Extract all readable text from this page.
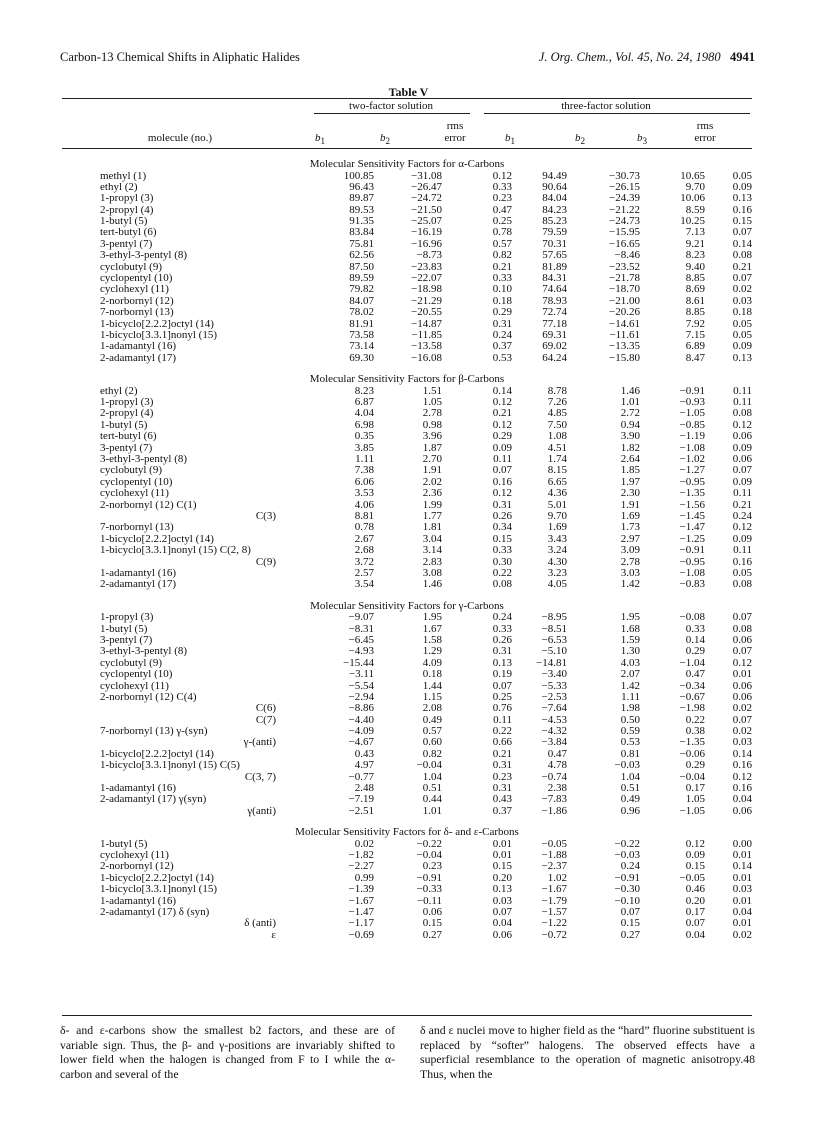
Carbon-13 Chemical Shifts in Aliphatic Halides	J. Org. Chem., Vol. 45, No. 24, 1980 4941
Table V
two-factor solution	three-factor solution
molecule (no.)	$b_1$	$b_2$
rms
error	$b_1$	$b_2$	$b_3$
rms
error
Molecular Sensitivity Factors for α-Carbons
methyl (1)	100.85	−31.08	0.12	94.49	−30.73	10.65	0.05
ethyl (2)	96.43	−26.47	0.33	90.64	−26.15	9.70	0.09
1-propyl (3)	89.87	−24.72	0.23	84.04	−24.39	10.06	0.13
2-propyl (4)	89.53	−21.50	0.47	84.23	−21.22	8.59	0.16
1-butyl (5)	91.35	−25.07	0.25	85.23	−24.73	10.25	0.15
tert-butyl (6)	83.84	−16.19	0.78	79.59	−15.95	7.13	0.07
3-pentyl (7)	75.81	−16.96	0.57	70.31	−16.65	9.21	0.14
3-ethyl-3-pentyl (8)	62.56	−8.73	0.82	57.65	−8.46	8.23	0.08
cyclobutyl (9)	87.50	−23.83	0.21	81.89	−23.52	9.40	0.21
cyclopentyl (10)	89.59	−22.07	0.33	84.31	−21.78	8.85	0.07
cyclohexyl (11)	79.82	−18.98	0.10	74.64	−18.70	8.69	0.02
2-norbornyl (12)	84.07	−21.29	0.18	78.93	−21.00	8.61	0.03
7-norbornyl (13)	78.02	−20.55	0.29	72.74	−20.26	8.85	0.18
1-bicyclo[2.2.2]octyl (14)	81.91	−14.87	0.31	77.18	−14.61	7.92	0.05
1-bicyclo[3.3.1]nonyl (15)	73.58	−11.85	0.24	69.31	−11.61	7.15	0.05
1-adamantyl (16)	73.14	−13.58	0.37	69.02	−13.35	6.89	0.09
2-adamantyl (17)	69.30	−16.08	0.53	64.24	−15.80	8.47	0.13
Molecular Sensitivity Factors for β-Carbons
ethyl (2)	8.23	1.51	0.14	8.78	1.46	−0.91	0.11
1-propyl (3)	6.87	1.05	0.12	7.26	1.01	−0.93	0.11
2-propyl (4)	4.04	2.78	0.21	4.85	2.72	−1.05	0.08
1-butyl (5)	6.98	0.98	0.12	7.50	0.94	−0.85	0.12
tert-butyl (6)	0.35	3.96	0.29	1.08	3.90	−1.19	0.06
3-pentyl (7)	3.85	1.87	0.09	4.51	1.82	−1.08	0.09
3-ethyl-3-pentyl (8)	1.11	2.70	0.11	1.74	2.64	−1.02	0.06
cyclobutyl (9)	7.38	1.91	0.07	8.15	1.85	−1.27	0.07
cyclopentyl (10)	6.06	2.02	0.16	6.65	1.97	−0.95	0.09
cyclohexyl (11)	3.53	2.36	0.12	4.36	2.30	−1.35	0.11
2-norbornyl (12) C(1)	4.06	1.99	0.31	5.01	1.91	−1.56	0.21
C(3)	8.81	1.77	0.26	9.70	1.69	−1.45	0.24
7-norbornyl (13)	0.78	1.81	0.34	1.69	1.73	−1.47	0.12
1-bicyclo[2.2.2]octyl (14)	2.67	3.04	0.15	3.43	2.97	−1.25	0.09
1-bicyclo[3.3.1]nonyl (15) C(2, 8)	2.68	3.14	0.33	3.24	3.09	−0.91	0.11
C(9)	3.72	2.83	0.30	4.30	2.78	−0.95	0.16
1-adamantyl (16)	2.57	3.08	0.22	3.23	3.03	−1.08	0.05
2-adamantyl (17)	3.54	1.46	0.08	4.05	1.42	−0.83	0.08
Molecular Sensitivity Factors for γ-Carbons
1-propyl (3)	−9.07	1.95	0.24	−8.95	1.95	−0.08	0.07
1-butyl (5)	−8.31	1.67	0.33	−8.51	1.68	0.33	0.08
3-pentyl (7)	−6.45	1.58	0.26	−6.53	1.59	0.14	0.06
3-ethyl-3-pentyl (8)	−4.93	1.29	0.31	−5.10	1.30	0.29	0.07
cyclobutyl (9)	−15.44	4.09	0.13 −14.81	4.03	−1.04	0.12
cyclopentyl (10)	−3.11	0.18	0.19	−3.40	2.07	0.47	0.01
cyclohexyl (11)	−5.54	1.44	0.07	−5.33	1.42	−0.34	0.06
2-norbornyl (12) C(4)	−2.94	1.15	0.25	−2.53	1.11	−0.67	0.06
C(6)	−8.86	2.08	0.76	−7.64	1.98	−1.98	0.02
C(7)	−4.40	0.49	0.11	−4.53	0.50	0.22	0.07
7-norbornyl (13) γ-(syn)	−4.09	0.57	0.22	−4.32	0.59	0.38	0.02
γ-(anti)	−4.67	0.60	0.66	−3.84	0.53	−1.35	0.03
1-bicyclo[2.2.2]octyl (14)	0.43	0.82	0.21	0.47	0.81	−0.06	0.14
1-bicyclo[3.3.1]nonyl (15) C(5)	4.97	−0.04	0.31	4.78	−0.03	0.29	0.16
C(3, 7)	−0.77	1.04	0.23	−0.74	1.04	−0.04	0.12
1-adamantyl (16)	2.48	0.51	0.31	2.38	0.51	0.17	0.16
2-adamantyl (17) γ(syn)	−7.19	0.44	0.43	−7.83	0.49	1.05	0.04
γ(anti)	−2.51	1.01	0.37	−1.86	0.96	−1.05	0.06
Molecular Sensitivity Factors for δ- and ε-Carbons
1-butyl (5)	0.02	−0.22	0.01	−0.05	−0.22	0.12	0.00
cyclohexyl (11)	−1.82	−0.04	0.01	−1.88	−0.03	0.09	0.01
2-norbornyl (12)	−2.27	0.23	0.15	−2.37	0.24	0.15	0.14
1-bicyclo[2.2.2]octyl (14)	0.99	−0.91	0.20	1.02	−0.91	−0.05	0.01
1-bicyclo[3.3.1]nonyl (15)	−1.39	−0.33	0.13	−1.67	−0.30	0.46	0.03
1-adamantyl (16)	−1.67	−0.11	0.03	−1.79	−0.10	0.20	0.01
2-adamantyl (17) δ (syn)	−1.47	0.06	0.07	−1.57	0.07	0.17	0.04
δ (anti)	−1.17	0.15	0.04	−1.22	0.15	0.07	0.01
ε	−0.69	0.27	0.06	−0.72	0.27	0.04	0.02
δ- and ε-carbons show the smallest b2 factors, and these are of variable sign. Thus, the β- and γ-positions are invariably shifted to lower field when the halogen is changed from F to I while the α-carbon and several of the
δ and ε nuclei move to higher field as the “hard” fluorine substituent is replaced by “softer” halogens. The observed effects have a superficial resemblance to the operation of magnetic anisotropy.48 Thus, when the
